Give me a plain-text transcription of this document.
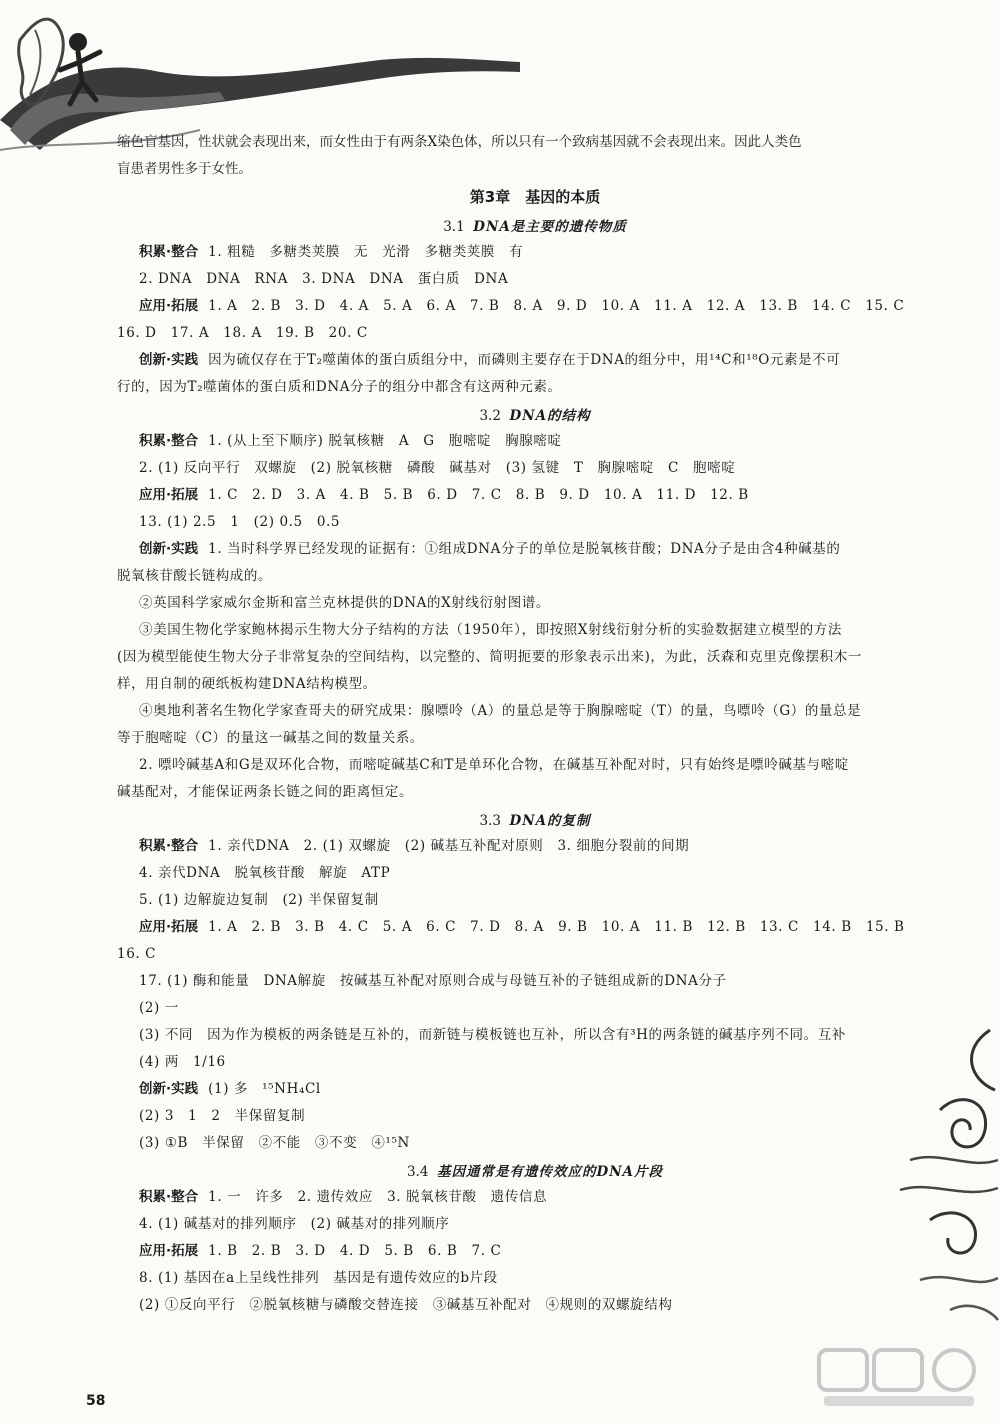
缩色盲基因，性状就会表现出来，而女性由于有两条X染色体，所以只有一个致病基因就不会表现出来。因此人类色
盲患者男性多于女性。
第3章　基因的本质
3.1 DNA是主要的遗传物质
积累·整合 1. 粗糙　多糖类荚膜　无　光滑　多糖类荚膜　有
2. DNA　DNA　RNA　3. DNA　DNA　蛋白质　DNA
应用·拓展 1. A　2. B　3. D　4. A　5. A　6. A　7. B　8. A　9. D　10. A　11. A　12. A　13. B　14. C　15. C
16. D　17. A　18. A　19. B　20. C
创新·实践 因为硫仅存在于T₂噬菌体的蛋白质组分中，而磷则主要存在于DNA的组分中，用¹⁴C和¹⁸O元素是不可
行的，因为T₂噬菌体的蛋白质和DNA分子的组分中都含有这两种元素。
3.2 DNA的结构
积累·整合 1. (从上至下顺序) 脱氧核糖　A　G　胞嘧啶　胸腺嘧啶
2. (1) 反向平行　双螺旋　(2) 脱氧核糖　磷酸　碱基对　(3) 氢键　T　胸腺嘧啶　C　胞嘧啶
应用·拓展 1. C　2. D　3. A　4. B　5. B　6. D　7. C　8. B　9. D　10. A　11. D　12. B
13. (1) 2.5　1　(2) 0.5　0.5
创新·实践 1. 当时科学界已经发现的证据有：①组成DNA分子的单位是脱氧核苷酸；DNA分子是由含4种碱基的
脱氧核苷酸长链构成的。
②英国科学家威尔金斯和富兰克林提供的DNA的X射线衍射图谱。
③美国生物化学家鲍林揭示生物大分子结构的方法（1950年），即按照X射线衍射分析的实验数据建立模型的方法
(因为模型能使生物大分子非常复杂的空间结构，以完整的、简明扼要的形象表示出来)，为此，沃森和克里克像摆积木一
样，用自制的硬纸板构建DNA结构模型。
④奥地利著名生物化学家查哥夫的研究成果：腺嘌呤（A）的量总是等于胸腺嘧啶（T）的量，鸟嘌呤（G）的量总是
等于胞嘧啶（C）的量这一碱基之间的数量关系。
2. 嘌呤碱基A和G是双环化合物，而嘧啶碱基C和T是单环化合物，在碱基互补配对时，只有始终是嘌呤碱基与嘧啶
碱基配对，才能保证两条长链之间的距离恒定。
3.3 DNA的复制
积累·整合 1. 亲代DNA　2. (1) 双螺旋　(2) 碱基互补配对原则　3. 细胞分裂前的间期
4. 亲代DNA　脱氧核苷酸　解旋　ATP
5. (1) 边解旋边复制　(2) 半保留复制
应用·拓展 1. A　2. B　3. B　4. C　5. A　6. C　7. D　8. A　9. B　10. A　11. B　12. B　13. C　14. B　15. B
16. C
17. (1) 酶和能量　DNA解旋　按碱基互补配对原则合成与母链互补的子链组成新的DNA分子
(2) 一
(3) 不同　因为作为模板的两条链是互补的，而新链与模板链也互补，所以含有³H的两条链的碱基序列不同。互补
(4) 两　1/16
创新·实践 (1) 多　¹⁵NH₄Cl
(2) 3　1　2　半保留复制
(3) ①B　半保留　②不能　③不变　④¹⁵N
3.4 基因通常是有遗传效应的DNA片段
积累·整合 1. 一　许多　2. 遗传效应　3. 脱氧核苷酸　遗传信息
4. (1) 碱基对的排列顺序　(2) 碱基对的排列顺序
应用·拓展 1. B　2. B　3. D　4. D　5. B　6. B　7. C
8. (1) 基因在a上呈线性排列　基因是有遗传效应的b片段
(2) ①反向平行　②脱氧核糖与磷酸交替连接　③碱基互补配对　④规则的双螺旋结构
58
